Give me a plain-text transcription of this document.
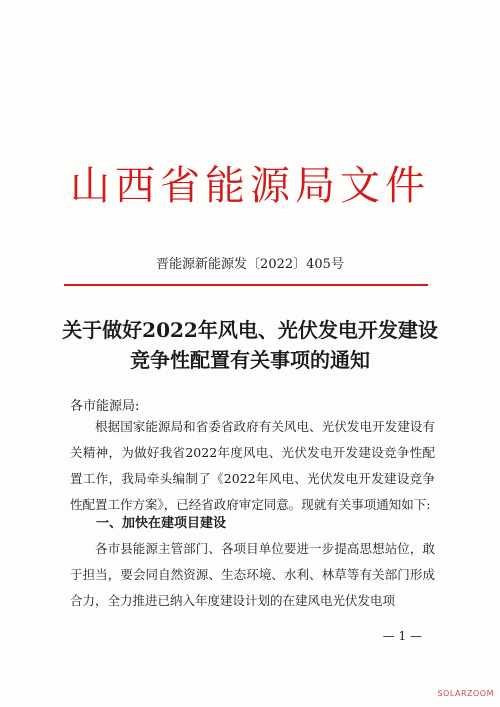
山西省能源局文件
晋能源新能源发〔2022〕405号
关于做好2022年风电、光伏发电开发建设
竞争性配置有关事项的通知
各市能源局:

根据国家能源局和省委省政府有关风电、光伏发电开发建设有关精神，为做好我省2022年度风电、光伏发电开发建设竞争性配置工作，我局牵头编制了《2022年风电、光伏发电开发建设竞争性配置工作方案》，已经省政府审定同意。现就有关事项通知如下:

一、加快在建项目建设

各市县能源主管部门、各项目单位要进一步提高思想站位，敢于担当，要会同自然资源、生态环境、水利、林草等有关部门形成合力，全力推进已纳入年度建设计划的在建风电光伏发电项

— 1 —
SOLARZOOM
